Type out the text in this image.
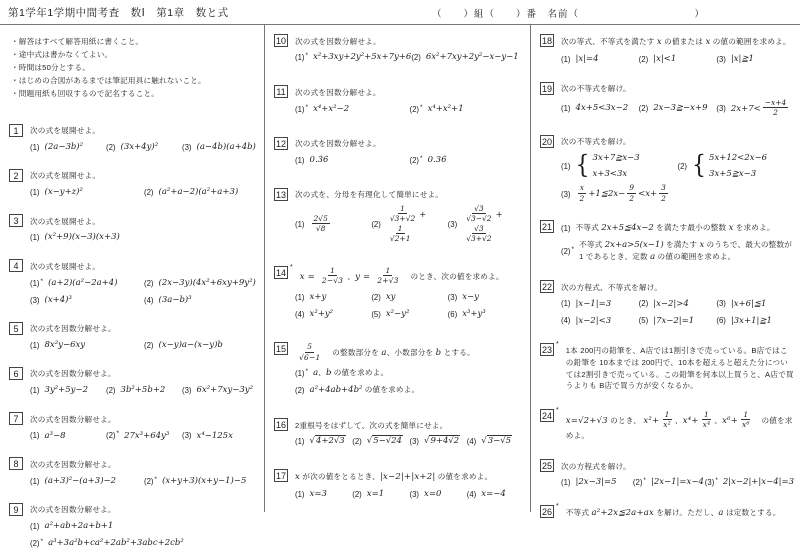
第1学年1学期中間考査　数Ⅰ　第1章　数と式	（　　）組（　　）番　名前（　　　　　　　　　　　）
・解答はすべて解答用紙に書くこと。
・途中式は書かなくてよい。
・時間は50分とする。
・はじめの合図があるまでは筆記用具に触れないこと。
・問題用紙も回収するので記名すること。
1	次の式を展開せよ。
(1) (2a−3b)²	(2) (3x+4y)²	(3) (a−4b)(a+4b)
2	次の式を展開せよ。
(1) (x−y+z)²	(2) (a²+a−2)(a²+a+3)
3	次の式を展開せよ。
(1) (x²+9)(x−3)(x+3)
4	次の式を展開せよ。
(1) * (a+2)(a²−2a+4)	(2) (2x−3y)(4x²+6xy+9y²)
(3) (x+4)³	(4) (3a−b)³
5	次の式を因数分解せよ。
(1) 8x²y−6xy	(2) (x−y)a−(x−y)b
6	次の式を因数分解せよ。
(1) 3y²+5y−2 (2) 3b²+5b+2 (3) 6x²+7xy−3y²
7	次の式を因数分解せよ。
(1) a³−8	(2) * 27x³+64y³ (3) x⁴−125x
8	次の式を因数分解せよ。
(1) (a+3)²−(a+3)−2	(2) * (x+y+3)(x+y−1)−5
9	次の式を因数分解せよ。
(1) a²+ab+2a+b+1
(2) * a³+3a²b+ca²+2ab²+3abc+2cb²
10 次の式を因数分解せよ。
(1) * x²+3xy+2y²+5x+7y+6 (2) 6x²+7xy+2y²−x−y−1
11	次の式を因数分解せよ。
(1) * x⁴+x²−2	(2) * x⁴+x²+1
12 次の式を因数分解せよ。
(1) 0.3̇6̇	(2) * 0.36̇
13 次の式を、分母を有理化して簡単にせよ。
$(1) \frac{2√5}{√8}$	(2)
$\frac{1}{√3+√2}$ +
$\frac{1}{√2+1}$	(3)
$\frac{√3}{√3-√2}$ +
$\frac{√3}{√3+√2}$
14
*
$x = \frac{1}{2-√3}$ 、$y = \frac{1}{2+√3}$ 　のとき、次の値を求めよ。
(1) x+y	(2) xy	(3) x−y
(4) x²+y²	(5) x²−y²	(6) x³+y³
$15 \frac{5}{√6-1}$ 　の整数部分を a、小数部分を b とする。
(1) * a、b の値を求めよ。
(2) a²+4ab+4b² の値を求めよ。
16 2重根号をはずして、次の式を簡単にせよ。
(1) √4+2√3 (2) √5−√24 (3) √9+4√2 (4) √3−√5
17 x が次の値をとるとき、|x−2|+|x+2| の値を求めよ。
(1) x=3	(2) x=1	(3) x=0	(4) x=−4
18 次の等式、不等式を満たす x の値または x の値の範囲を求めよ。
(1) |x|=4	(2) |x|<1	(3) |x|≧1
19 次の不等式を解け。
(1) 4x+5<3x−2 (2) 2x−3≧−x+9 (3) $2x+7< \frac{-x+4}{2}$
20 次の不等式を解け。
(1) { 3x+7≧x−3
x+3<3x
(2) { 5x+12<2x−6
3x+5≧x−3
$(3) \frac{x}{2}$ +1≦2x− $\frac{9}{2} <x+ \frac{3}{2}$
21 (1) 不等式 2x+5≦4x−2 を満たす最小の整数 x を求めよ。
(2) *
不等式 2x+a>5(x−1) を満たす x のうちで、最大の整数が 1 であるとき、定数 a の値の範囲を求めよ。
22 次の方程式、不等式を解け。
(1) |x−1|=3	(2) |x−2|>4	(3) |x+6|≦1
(4) |x−2|<3	(5) |7x−2|=1	(6) |3x+1|≧1
23
*
1本 200円の鉛筆を、A店では1割引きで売っている。B店ではこの鉛筆を 10本までは 200円で、10本を超えると超えた分については2割引きで売っている。この鉛筆を何本以上買うと、A店で買うよりも B店で買う方が安くなるか。
24
*
x=√2+√3 のとき、 $x^2+ \frac{1}{\text{x²}}$ 、$x^4+ \frac{1}{\text{x⁴}}$ 、$x^6+ \frac{1}{\text{x⁶}}$ 　の値を求めよ。
25 次の方程式を解け。
(1) |2x−3|=5 (2) * |2x−1|=x−4 (3) * 2|x−2|+|x−4|=3
26
*
不等式 a²+2x≦2a+ax を解け。ただし、a は定数とする。
